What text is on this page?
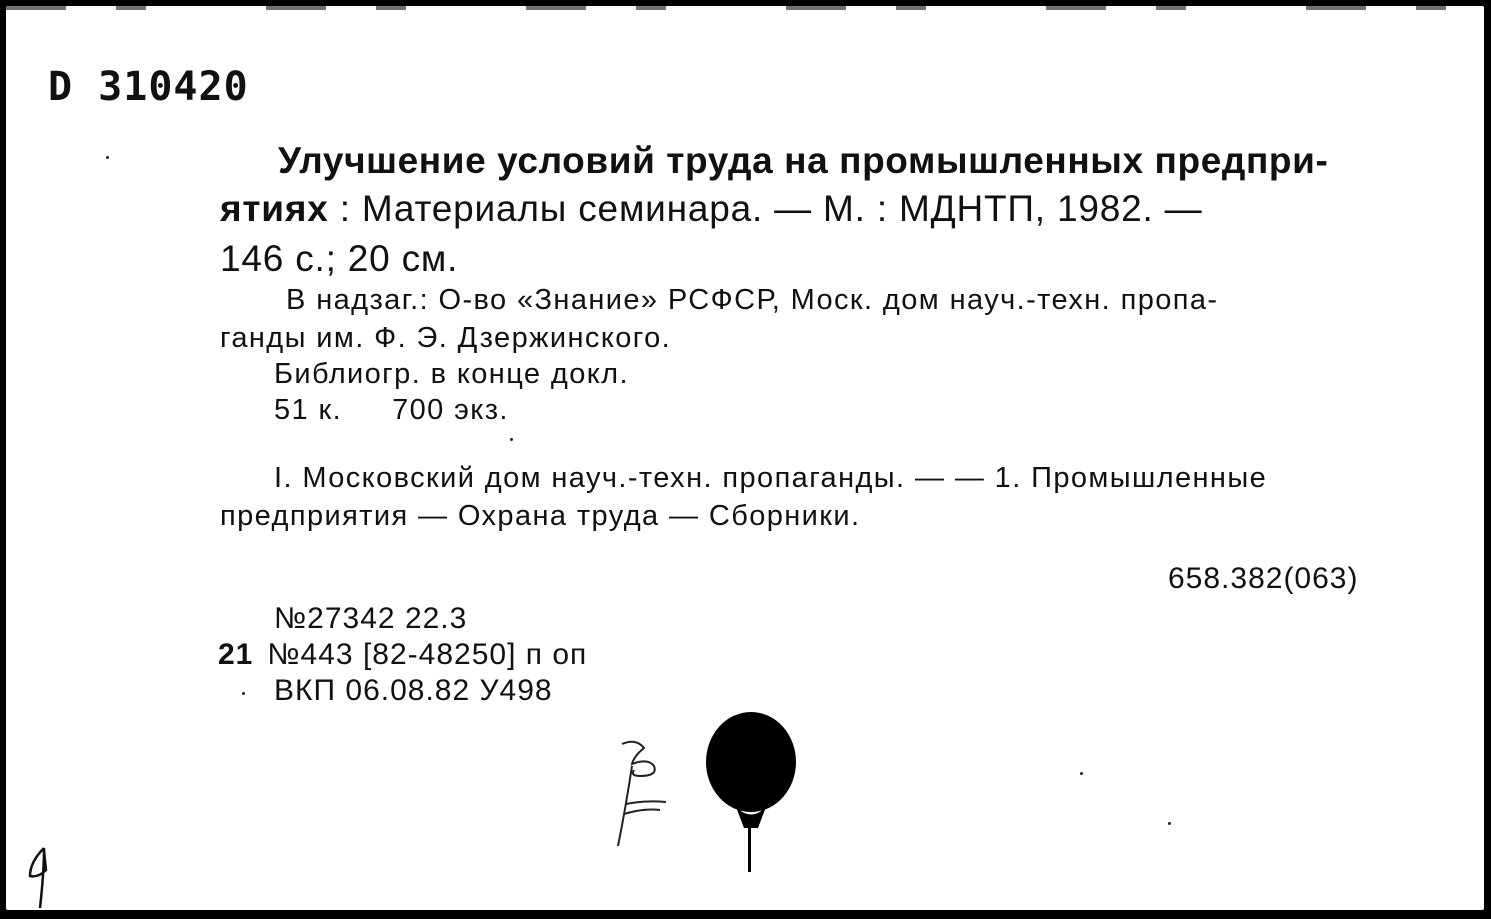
D 310420

Улучшение условий труда на промышленных предпри-

ятиях : Материалы семинара. — М. : МДНТП, 1982. —

146 с.; 20 см.

В надзаг.: О-во «Знание» РСФСР, Моск. дом науч.-техн. пропа-

ганды им. Ф. Э. Дзержинского.

Библиогр. в конце докл.

51 к. 700 экз.

I. Московский дом науч.-техн. пропаганды. — — 1. Промышленные

предприятия — Охрана труда — Сборники.

658.382(063)

№27342 22.3

21 №443 [82-48250] п оп

ВКП 06.08.82 У498
